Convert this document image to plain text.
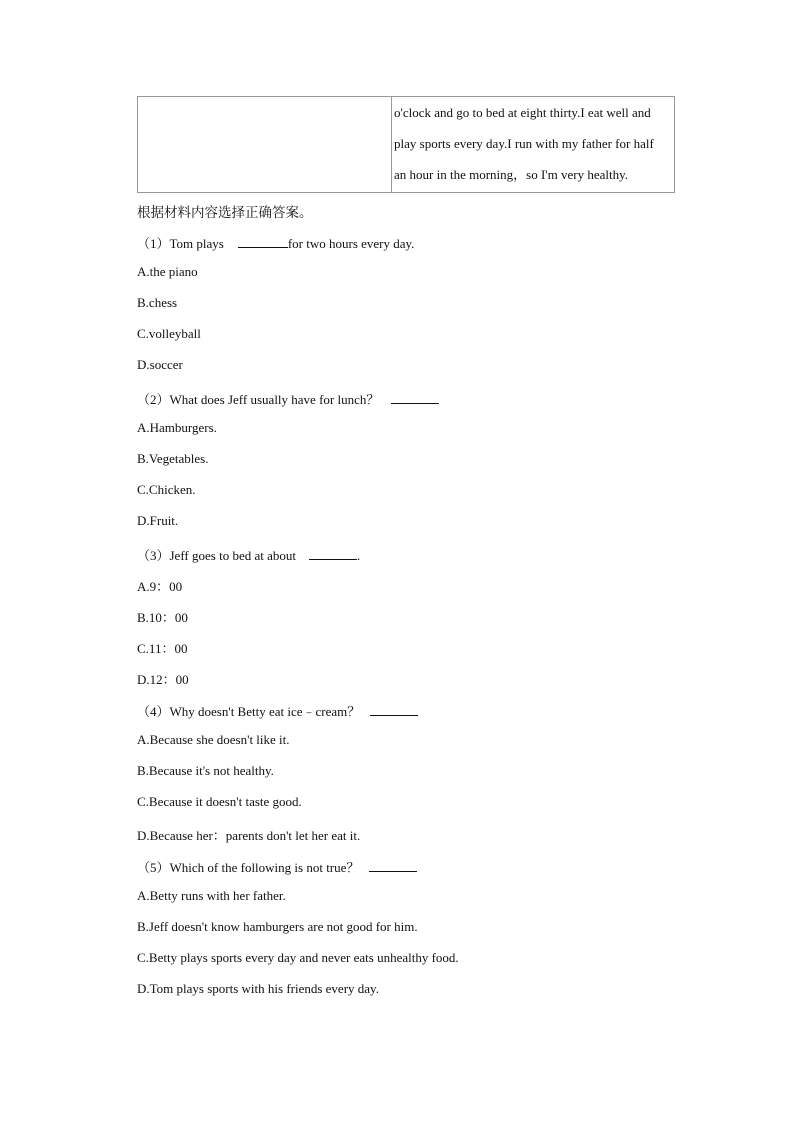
o'clock and go to bed at eight thirty.I eat well and
play sports every day.I run with my father for half
an hour in the morning，so I'm very healthy.
根据材料内容选择正确答案。
（1）Tom plays	for two hours every day.
A.the piano
B.chess
C.volleyball
D.soccer
（2）What does Jeff usually have for lunch？
A.Hamburgers.
B.Vegetables.
C.Chicken.
D.Fruit.
（3）Jeff goes to bed at about	.
A.9：00
B.10：00
C.11：00
D.12：00
（4）Why doesn't Betty eat ice﹣cream？
A.Because she doesn't like it.
B.Because it's not healthy.
C.Because it doesn't taste good.
D.Because her：parents don't let her eat it.
（5）Which of the following is not true？
A.Betty runs with her father.
B.Jeff doesn't know hamburgers are not good for him.
C.Betty plays sports every day and never eats unhealthy food.
D.Tom plays sports with his friends every day.
